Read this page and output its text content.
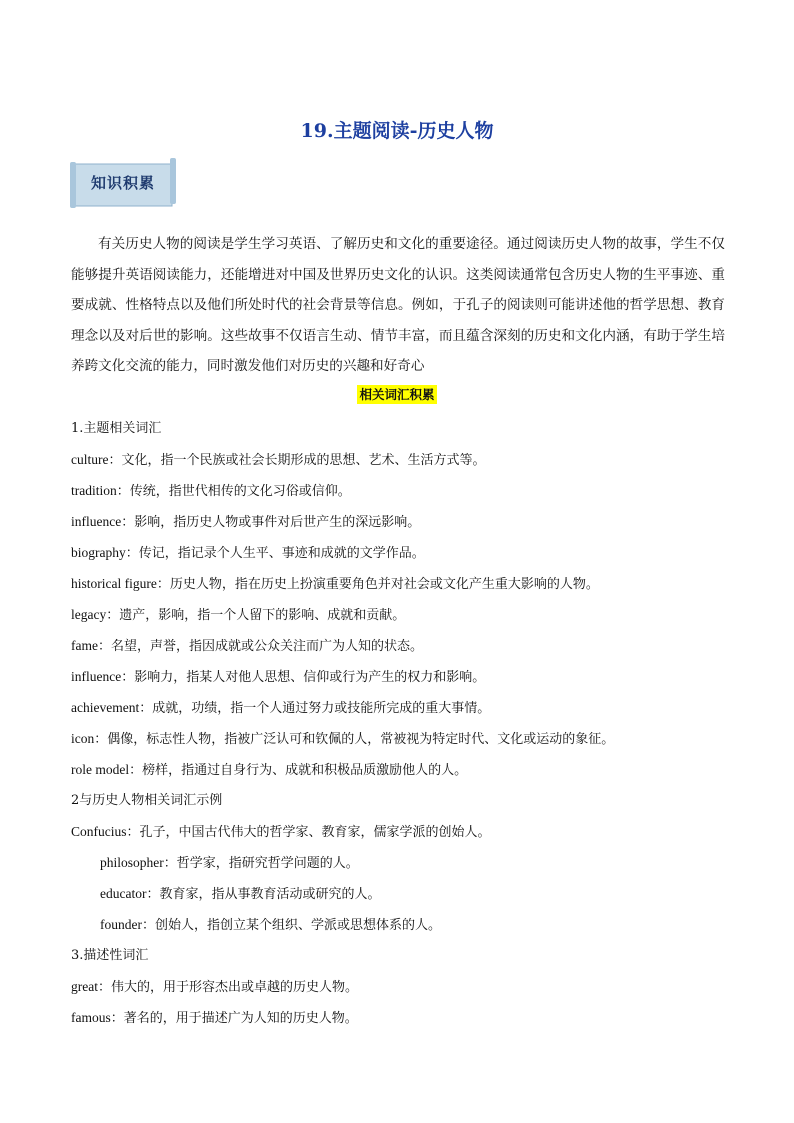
19.主题阅读-历史人物
知识积累

有关历史人物的阅读是学生学习英语、了解历史和文化的重要途径。通过阅读历史人物的故事，学生不仅能够提升英语阅读能力，还能增进对中国及世界历史文化的认识。这类阅读通常包含历史人物的生平事迹、重要成就、性格特点以及他们所处时代的社会背景等信息。例如，于孔子的阅读则可能讲述他的哲学思想、教育理念以及对后世的影响。这些故事不仅语言生动、情节丰富，而且蕴含深刻的历史和文化内涵，有助于学生培养跨文化交流的能力，同时激发他们对历史的兴趣和好奇心

相关词汇积累
1.主题相关词汇
culture：文化，指一个民族或社会长期形成的思想、艺术、生活方式等。
tradition：传统，指世代相传的文化习俗或信仰。
influence：影响，指历史人物或事件对后世产生的深远影响。
biography：传记，指记录个人生平、事迹和成就的文学作品。
historical figure：历史人物，指在历史上扮演重要角色并对社会或文化产生重大影响的人物。
legacy：遗产，影响，指一个人留下的影响、成就和贡献。
fame：名望，声誉，指因成就或公众关注而广为人知的状态。
influence：影响力，指某人对他人思想、信仰或行为产生的权力和影响。
achievement：成就，功绩，指一个人通过努力或技能所完成的重大事情。
icon：偶像，标志性人物，指被广泛认可和钦佩的人，常被视为特定时代、文化或运动的象征。
role model：榜样，指通过自身行为、成就和积极品质激励他人的人。
2与历史人物相关词汇示例
Confucius：孔子，中国古代伟大的哲学家、教育家，儒家学派的创始人。
philosopher：哲学家，指研究哲学问题的人。
educator：教育家，指从事教育活动或研究的人。
founder：创始人，指创立某个组织、学派或思想体系的人。
3.描述性词汇
great：伟大的，用于形容杰出或卓越的历史人物。
famous：著名的，用于描述广为人知的历史人物。
